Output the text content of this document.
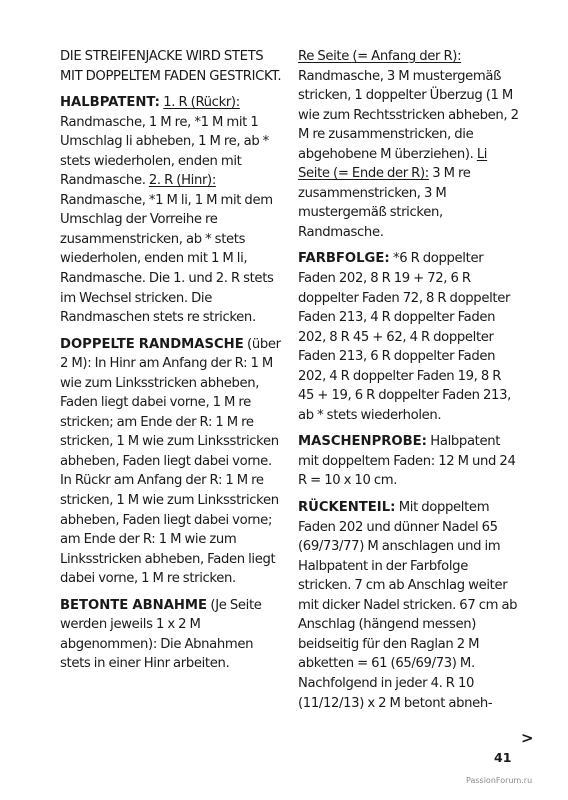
DIE STREIFENJACKE WIRD STETS MIT DOPPELTEM FADEN GESTRICKT.

HALBPATENT: 1. R (Rückr): Randmasche, 1 M re, *1 M mit 1 Umschlag li abheben, 1 M re, ab * stets wiederholen, enden mit Randmasche. 2. R (Hinr): Randmasche, *1 M li, 1 M mit dem Umschlag der Vorreihe re zusammenstricken, ab * stets wiederholen, enden mit 1 M li, Randmasche. Die 1. und 2. R stets im Wechsel stricken. Die Randmaschen stets re stricken.

DOPPELTE RANDMASCHE (über 2 M): In Hinr am Anfang der R: 1 M wie zum Linksstricken abheben, Faden liegt dabei vorne, 1 M re stricken; am Ende der R: 1 M re stricken, 1 M wie zum Linksstricken abheben, Faden liegt dabei vorne. In Rückr am Anfang der R: 1 M re stricken, 1 M wie zum Linksstricken abheben, Faden liegt dabei vorne; am Ende der R: 1 M wie zum Linksstricken abheben, Faden liegt dabei vorne, 1 M re stricken.

BETONTE ABNAHME (Je Seite werden jeweils 1 x 2 M abgenommen): Die Abnahmen stets in einer Hinr arbeiten.

Re Seite (= Anfang der R): Randmasche, 3 M mustergemäß stricken, 1 doppelter Überzug (1 M wie zum Rechtsstricken abheben, 2 M re zusammenstricken, die abgehobene M überziehen). Li Seite (= Ende der R): 3 M re zusammenstricken, 3 M mustergemäß stricken, Randmasche.

FARBFOLGE: *6 R doppelter Faden 202, 8 R 19 + 72, 6 R doppelter Faden 72, 8 R doppelter Faden 213, 4 R doppelter Faden 202, 8 R 45 + 62, 4 R doppelter Faden 213, 6 R doppelter Faden 202, 4 R doppelter Faden 19, 8 R 45 + 19, 6 R doppelter Faden 213, ab * stets wiederholen.

MASCHENPROBE: Halbpatent mit doppeltem Faden: 12 M und 24 R = 10 x 10 cm.

RÜCKENTEIL: Mit doppeltem Faden 202 und dünner Nadel 65 (69/73/77) M anschlagen und im Halbpatent in der Farbfolge stricken. 7 cm ab Anschlag weiter mit dicker Nadel stricken. 67 cm ab Anschlag (hängend messen) beidseitig für den Raglan 2 M abketten = 61 (65/69/73) M. Nachfolgend in jeder 4. R 10 (11/12/13) x 2 M betont abneh-

>
41
PassionForum.ru
